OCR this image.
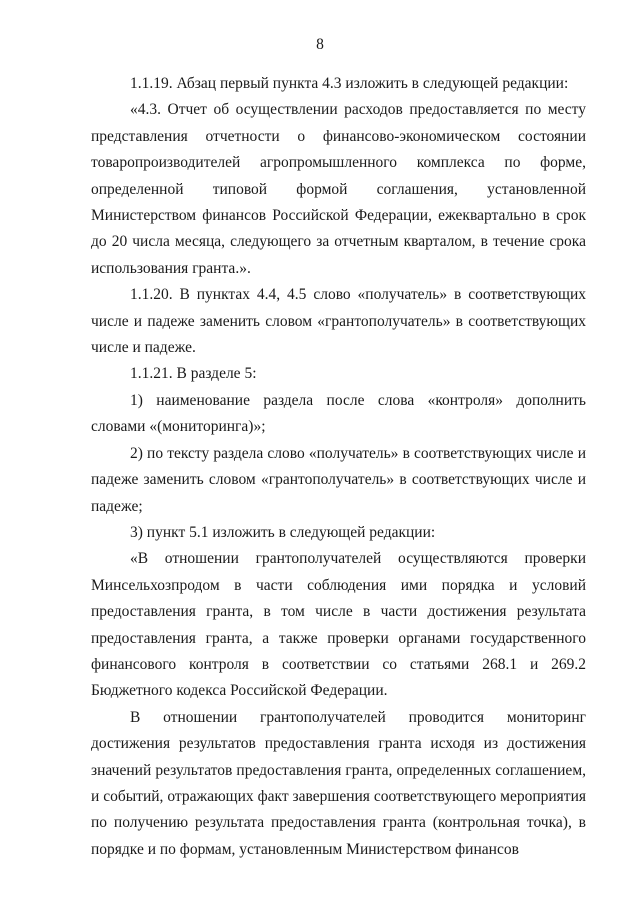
8

1.1.19. Абзац первый пункта 4.3 изложить в следующей редакции:

«4.3. Отчет об осуществлении расходов предоставляется по месту представления отчетности о финансово-экономическом состоянии товаропроизводителей агропромышленного комплекса по форме, определенной типовой формой соглашения, установленной Министерством финансов Российской Федерации, ежеквартально в срок до 20 числа месяца, следующего за отчетным кварталом, в течение срока использования гранта.».

1.1.20. В пунктах 4.4, 4.5 слово «получатель» в соответствующих числе и падеже заменить словом «грантополучатель» в соответствующих числе и падеже.

1.1.21. В разделе 5:

1) наименование раздела после слова «контроля» дополнить словами «(мониторинга)»;

2) по тексту раздела слово «получатель» в соответствующих числе и падеже заменить словом «грантополучатель» в соответствующих числе и падеже;

3) пункт 5.1 изложить в следующей редакции:

«В отношении грантополучателей осуществляются проверки Минсельхозпродом в части соблюдения ими порядка и условий предоставления гранта, в том числе в части достижения результата предоставления гранта, а также проверки органами государственного финансового контроля в соответствии со статьями 268.1 и 269.2 Бюджетного кодекса Российской Федерации.

В отношении грантополучателей проводится мониторинг достижения результатов предоставления гранта исходя из достижения значений результатов предоставления гранта, определенных соглашением, и событий, отражающих факт завершения соответствующего мероприятия по получению результата предоставления гранта (контрольная точка), в порядке и по формам, установленным Министерством финансов
